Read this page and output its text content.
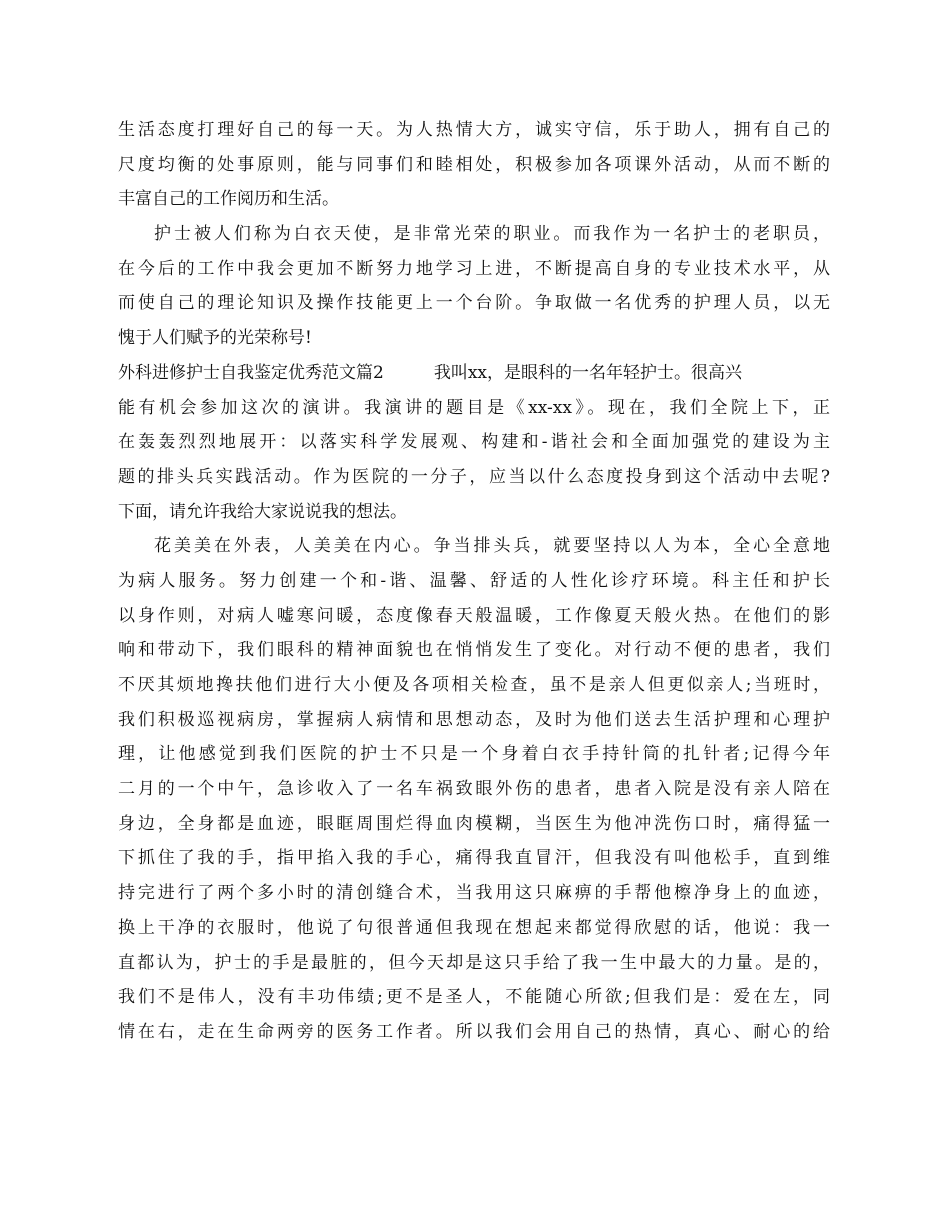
生活态度打理好自己的每一天。为人热情大方，诚实守信，乐于助人，拥有自己的
尺度均衡的处事原则，能与同事们和睦相处，积极参加各项课外活动，从而不断的
丰富自己的工作阅历和生活。
护士被人们称为白衣天使，是非常光荣的职业。而我作为一名护士的老职员，
在今后的工作中我会更加不断努力地学习上进，不断提高自身的专业技术水平，从
而使自己的理论知识及操作技能更上一个台阶。争取做一名优秀的护理人员，以无
愧于人们赋予的光荣称号!
外科进修护士自我鉴定优秀范文篇2	我叫xx，是眼科的一名年轻护士。很高兴
能有机会参加这次的演讲。我演讲的题目是《xx-xx》。现在，我们全院上下，正
在轰轰烈烈地展开：以落实科学发展观、构建和-谐社会和全面加强党的建设为主
题的排头兵实践活动。作为医院的一分子，应当以什么态度投身到这个活动中去呢?
下面，请允许我给大家说说我的想法。
花美美在外表，人美美在内心。争当排头兵，就要坚持以人为本，全心全意地
为病人服务。努力创建一个和-谐、温馨、舒适的人性化诊疗环境。科主任和护长
以身作则，对病人嘘寒问暖，态度像春天般温暖，工作像夏天般火热。在他们的影
响和带动下，我们眼科的精神面貌也在悄悄发生了变化。对行动不便的患者，我们
不厌其烦地搀扶他们进行大小便及各项相关检查，虽不是亲人但更似亲人;当班时，
我们积极巡视病房，掌握病人病情和思想动态，及时为他们送去生活护理和心理护
理，让他感觉到我们医院的护士不只是一个身着白衣手持针筒的扎针者;记得今年
二月的一个中午，急诊收入了一名车祸致眼外伤的患者，患者入院是没有亲人陪在
身边，全身都是血迹，眼眶周围烂得血肉模糊，当医生为他冲洗伤口时，痛得猛一
下抓住了我的手，指甲掐入我的手心，痛得我直冒汗，但我没有叫他松手，直到维
持完进行了两个多小时的清创缝合术，当我用这只麻痹的手帮他檫净身上的血迹，
换上干净的衣服时，他说了句很普通但我现在想起来都觉得欣慰的话，他说：我一
直都认为，护士的手是最脏的，但今天却是这只手给了我一生中最大的力量。是的，
我们不是伟人，没有丰功伟绩;更不是圣人，不能随心所欲;但我们是：爱在左，同
情在右，走在生命两旁的医务工作者。所以我们会用自己的热情，真心、耐心的给
